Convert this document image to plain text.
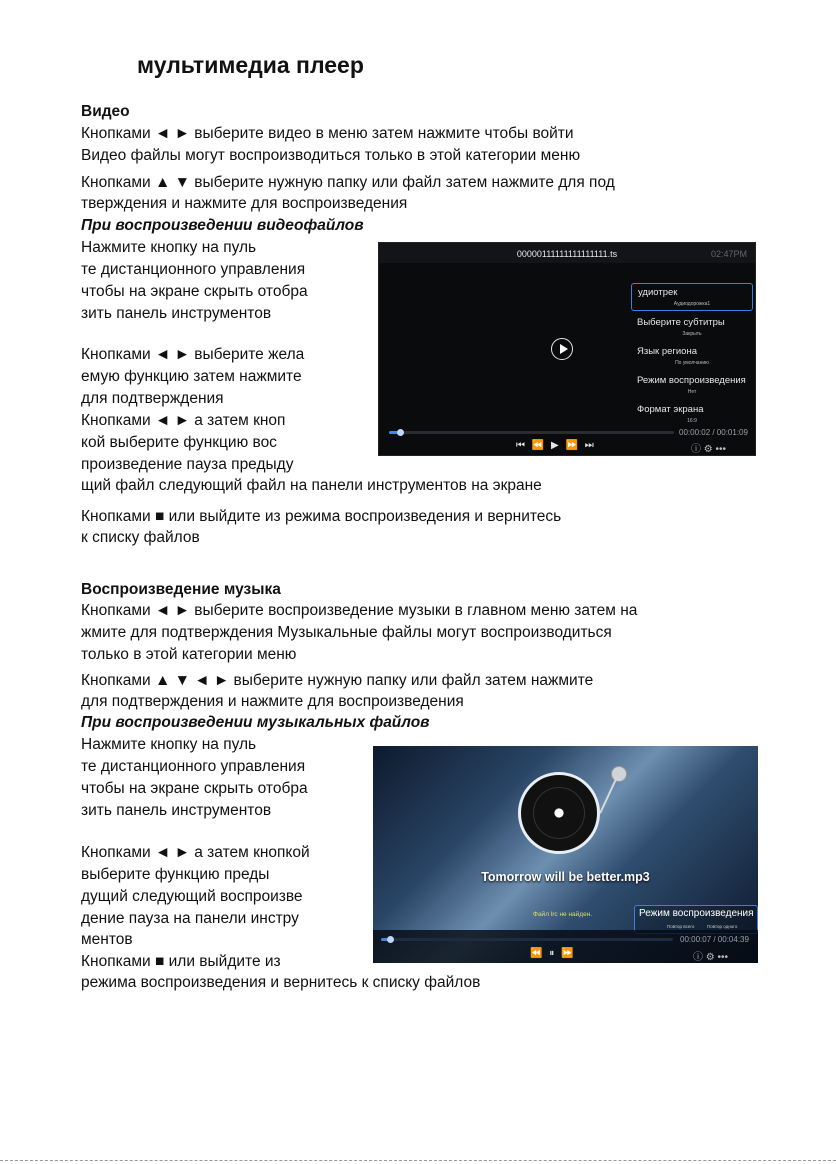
мультимедиа плеер
Видео
Кнопками ◄ ► выберите видео в меню затем нажмите чтобы войти
Видео файлы могут воспроизводиться только в этой категории меню
Кнопками ▲ ▼ выберите нужную папку или файл затем нажмите для под
тверждения и нажмите для воспроизведения
При воспроизведении видеофайлов
Нажмите кнопку на пуль
те дистанционного управления
чтобы на экране скрыть отобра
зить панель инструментов
Кнопками ◄ ► выберите жела
емую функцию затем нажмите
для подтверждения
Кнопками ◄ ► а затем кноп
кой выберите функцию вос
произведение пауза предыду
щий файл следующий файл на панели инструментов на экране
Кнопками ■ или выйдите из режима воспроизведения и вернитесь
к списку файлов
00000111111111111111.ts	02:47PM
удиотрек
Аудиодорожка1
Выберите субтитры
Закрыть
Язык региона
По умолчанию
Режим воспроизведения
Нет
Формат экрана
16:9
00:00:02 / 00:01:09
⏮ ⏪ ▶ ⏩ ⏭	ⓘ ⚙ •••
Воспроизведение музыка
Кнопками ◄ ► выберите воспроизведение музыки в главном меню затем на
жмите для подтверждения Музыкальные файлы могут воспроизводиться
только в этой категории меню
Кнопками ▲ ▼ ◄ ► выберите нужную папку или файл затем нажмите
для подтверждения и нажмите для воспроизведения
При воспроизведении музыкальных файлов
Нажмите кнопку на пуль
те дистанционного управления
чтобы на экране скрыть отобра
зить панель инструментов
Кнопками ◄ ► а затем кнопкой
выберите функцию преды
дущий следующий воспроизве
дение пауза на панели инстру
ментов
Кнопками ■ или выйдите из
режима воспроизведения и вернитесь к списку файлов
Tomorrow will be better.mp3
Файл lrc не найден.	Режим воспроизведения
Повтор всего	Повтор одного
00:00:07 / 00:04:39
⏪ ⏸ ⏩	ⓘ ⚙ •••
